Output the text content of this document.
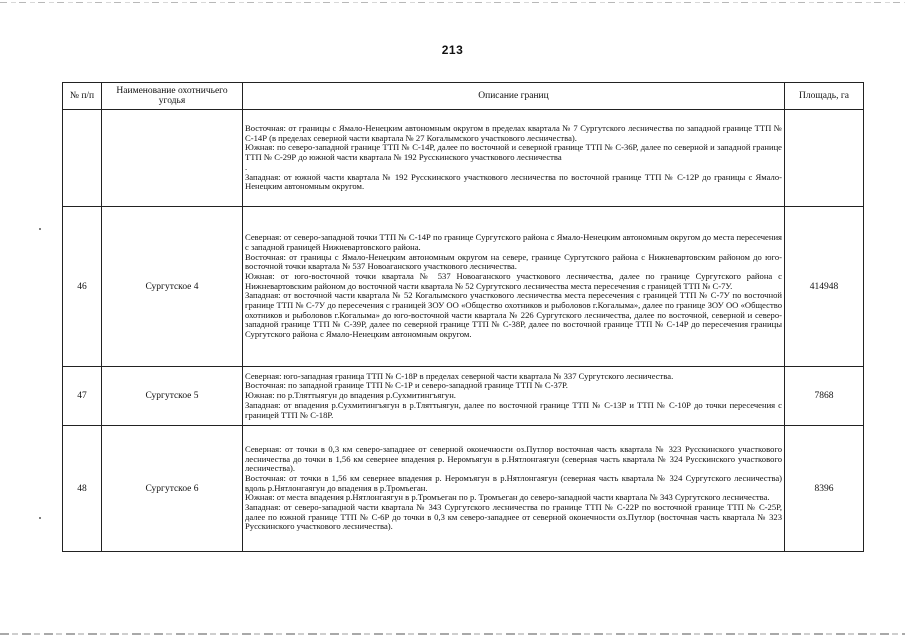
213
№ п/п	Наименование охотничьего угодья	Описание границ	Площадь, га

		Восточная: от границы с Ямало-Ненецким автономным округом в пределах квартала № 7 Сургутского лесничества по западной границе ТТП № С-14Р (в пределах северной части квартала № 27 Когалымского участкового лесничества).

Южная: по северо-западной границе ТТП № С-14Р, далее по восточной и северной границе ТТП № С-36Р, далее по северной и западной границе ТТП № С-29Р до южной части квартала № 192 Русскинского участкового лесничества

.

Западная: от южной части квартала № 192 Русскинского участкового лесничества по восточной границе ТТП № С-12Р до границы с Ямало-Ненецким автономным округом.	

46	Сургутское 4	Северная: от северо-западной точки ТТП № С-14Р по границе Сургутского района с Ямало-Ненецким автономным округом до места пересечения с западной границей Нижневартовского района.

Восточная: от границы с Ямало-Ненецким автономным округом на севере, границе Сургутского района с Нижневартовским районом до юго-восточной точки квартала № 537 Новоаганского участкового лесничества.

Южная: от юго-восточной точки квартала № 537 Новоаганского участкового лесничества, далее по границе Сургутского района с Нижневартовским районом до восточной части квартала № 52 Сургутского лесничества места пересечения с границей ТТП № С-7У.

Западная: от восточной части квартала № 52 Когалымского участкового лесничества места пересечения с границей ТТП № С-7У по восточной границе ТТП № С-7У до пересечения с границей ЗОУ ОО «Общество охотников и рыболовов г.Когалыма», далее по границе ЗОУ ОО «Общество охотников и рыболовов г.Когалыма» до юго-восточной части квартала № 226 Сургутского лесничества, далее по восточной, северной и северо-западной границе ТТП № С-39Р, далее по северной границе ТТП № С-38Р, далее по восточной границе ТТП № С-14Р до пересечения границы Сургутского района с Ямало-Ненецким автономным округом.	414948
47	Сургутское 5	Северная: юго-западная граница ТТП № С-18Р в пределах северной части квартала № 337 Сургутского лесничества.

Восточная: по западной границе ТТП № С-1Р и северо-западной границе ТТП № С-37Р.

Южная: по р.Тляттыягун до впадения р.Сухмитингъягун.

Западная: от впадения р.Сухмитингъягун в р.Тляттыягун, далее по восточной границе ТТП № С-13Р и ТТП № С-10Р до точки пересечения с границей ТТП № С-18Р.	7868
48	Сургутское 6	Северная: от точки в 0,3 км северо-западнее от северной оконечности оз.Путлор восточная часть квартала № 323 Русскинского участкового лесничества до точки в 1,56 км севернее впадения р. Неромъягун в р.Нятлонгаягун (северная часть квартала № 324 Русскинского участкового лесничества).

Восточная: от точки в 1,56 км севернее впадения р. Неромъягун в р.Нятлонгаягун (северная часть квартала № 324 Сургутского лесничества) вдоль р.Нятлонгаягун до впадения в р.Тромъеган.

Южная: от места впадения р.Нятлонгаягун в р.Тромъеган по р. Тромъеган до северо-западной части квартала № 343 Сургутского лесничества.

Западная: от северо-западной части квартала № 343 Сургутского лесничества по границе ТТП № С-22Р по восточной границе ТТП № С-25Р, далее по южной границе ТТП № С-6Р до точки в 0,3 км северо-западнее от северной оконечности оз.Путлор (восточная часть квартала № 323 Русскинского участкового лесничества).	8396
